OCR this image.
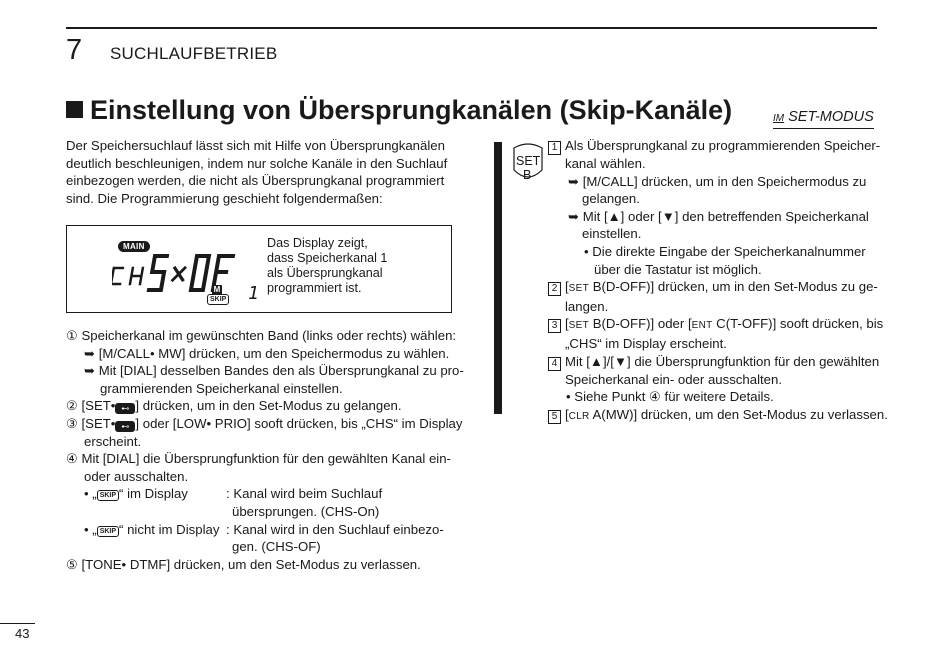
7 SUCHLAUFBETRIEB
Einstellung von Übersprungkanälen (Skip-Kanäle)	IM SET-MODUS
Der Speichersuchlauf lässt sich mit Hilfe von Übersprungkanälen
deutlich beschleunigen, indem nur solche Kanäle in den Suchlauf
einbezogen werden, die nicht als Übersprungkanal programmiert
sind. Die Programmierung geschieht folgendermaßen:
MAIN
M
SKIP 1
Das Display zeigt,
dass Speicherkanal 1
als Übersprungkanal
programmiert ist.
① Speicherkanal im gewünschten Band (links oder rechts) wählen:
➥ [M/CALL• MW] drücken, um den Speichermodus zu wählen.
➥ Mit [DIAL] desselben Bandes den als Übersprungkanal zu pro-
grammierenden Speicherkanal einstellen.
② [SET• ⊷ ] drücken, um in den Set-Modus zu gelangen.
③ [SET• ⊷ ] oder [LOW• PRIO] sooft drücken, bis „CHS“ im Display
erscheint.
④ Mit [DIAL] die Übersprungfunktion für den gewählten Kanal ein-
oder ausschalten.
• „ SKIP “ im Display	: Kanal wird beim Suchlauf
übersprungen. (CHS-On)
• „ SKIP “ nicht im Display : Kanal wird in den Suchlauf einbezo-
gen. (CHS-OF)
⑤ [TONE• DTMF] drücken, um den Set-Modus zu verlassen.
SET
B
1 Als Übersprungkanal zu programmierenden Speicher-
kanal wählen.
➥ [M/CALL] drücken, um in den Speichermodus zu
gelangen.
➥ Mit [▲] oder [▼] den betreffenden Speicherkanal
einstellen.
• Die direkte Eingabe der Speicherkanalnummer
über die Tastatur ist möglich.
2 [SET B(D-OFF)] drücken, um in den Set-Modus zu ge-
langen.
3 [SET B(D-OFF)] oder [ENT C(T-OFF)] sooft drücken, bis
„CHS“ im Display erscheint.
4 Mit [▲]/[▼] die Übersprungfunktion für den gewählten
Speicherkanal ein- oder ausschalten.
• Siehe Punkt ④ für weitere Details.
5 [CLR A(MW)] drücken, um den Set-Modus zu verlassen.
43
